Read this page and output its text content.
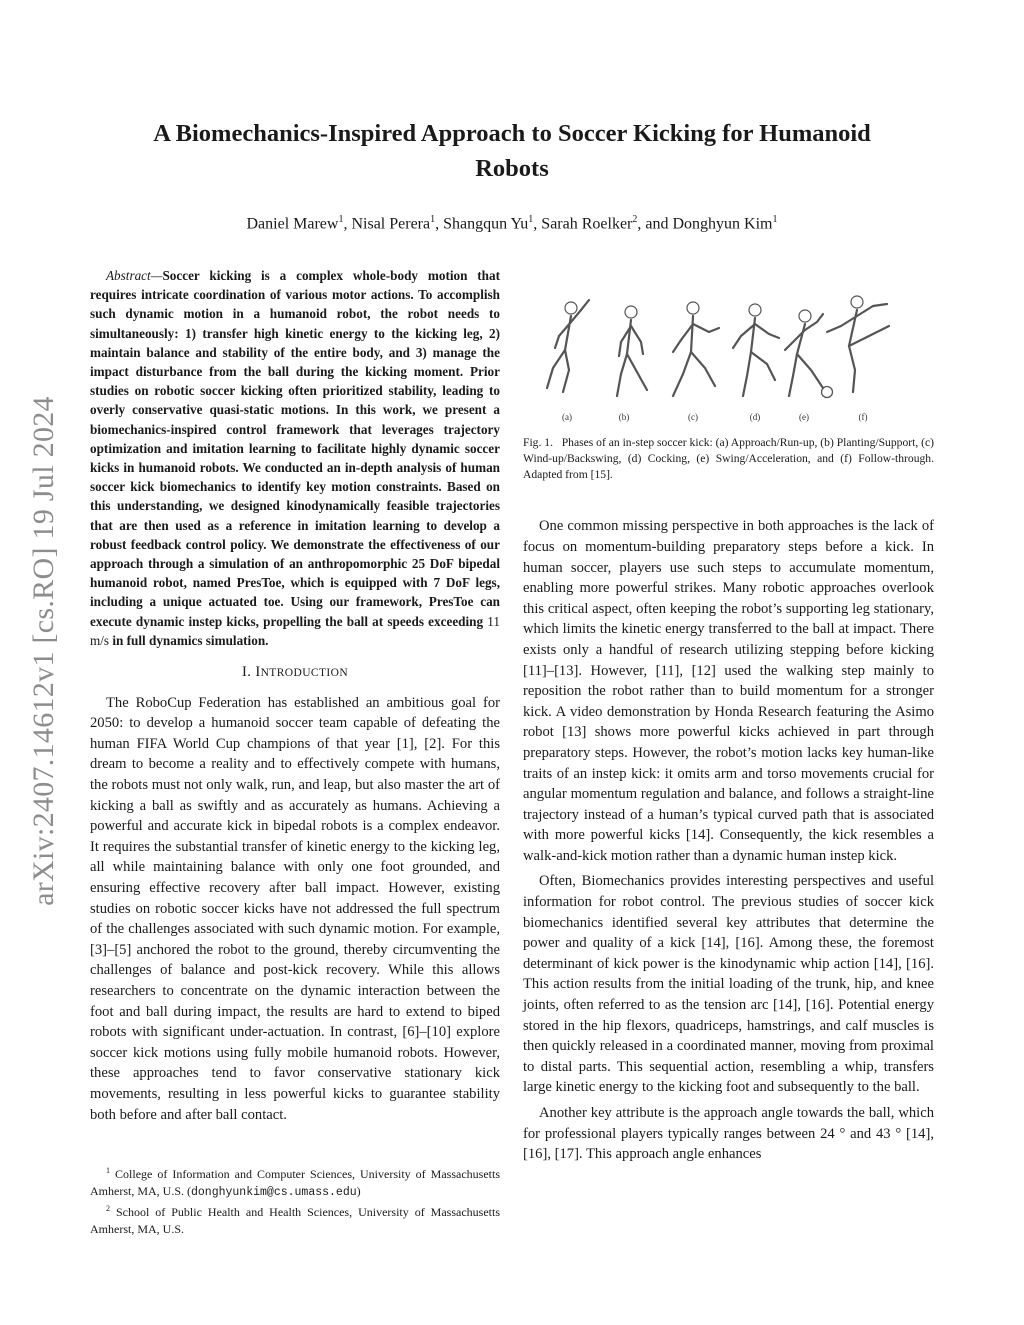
A Biomechanics-Inspired Approach to Soccer Kicking for Humanoid Robots
Daniel Marew$^1$, Nisal Perera$^1$, Shangqun Yu$^1$, Sarah Roelker$^2$, and Donghyun Kim$^1$
arXiv:2407.14612v1 [cs.RO] 19 Jul 2024

Abstract—Soccer kicking is a complex whole-body motion that requires intricate coordination of various motor actions. To accomplish such dynamic motion in a humanoid robot, the robot needs to simultaneously: 1) transfer high kinetic energy to the kicking leg, 2) maintain balance and stability of the entire body, and 3) manage the impact disturbance from the ball during the kicking moment. Prior studies on robotic soccer kicking often prioritized stability, leading to overly conservative quasi-static motions. In this work, we present a biomechanics-inspired control framework that leverages trajectory optimization and imitation learning to facilitate highly dynamic soccer kicks in humanoid robots. We conducted an in-depth analysis of human soccer kick biomechanics to identify key motion constraints. Based on this understanding, we designed kinodynamically feasible trajectories that are then used as a reference in imitation learning to develop a robust feedback control policy. We demonstrate the effectiveness of our approach through a simulation of an anthropomorphic 25 DoF bipedal humanoid robot, named PresToe, which is equipped with 7 DoF legs, including a unique actuated toe. Using our framework, PresToe can execute dynamic instep kicks, propelling the ball at speeds exceeding 11 m/s in full dynamics simulation.

I. INTRODUCTION

The RoboCup Federation has established an ambitious goal for 2050: to develop a humanoid soccer team capable of defeating the human FIFA World Cup champions of that year [1], [2]. For this dream to become a reality and to effectively compete with humans, the robots must not only walk, run, and leap, but also master the art of kicking a ball as swiftly and as accurately as humans. Achieving a powerful and accurate kick in bipedal robots is a complex endeavor. It requires the substantial transfer of kinetic energy to the kicking leg, all while maintaining balance with only one foot grounded, and ensuring effective recovery after ball impact. However, existing studies on robotic soccer kicks have not addressed the full spectrum of the challenges associated with such dynamic motion. For example, [3]–[5] anchored the robot to the ground, thereby circumventing the challenges of balance and post-kick recovery. While this allows researchers to concentrate on the dynamic interaction between the foot and ball during impact, the results are hard to extend to biped robots with significant under-actuation. In contrast, [6]–[10] explore soccer kick motions using fully mobile humanoid robots. However, these approaches tend to favor conservative stationary kick movements, resulting in less powerful kicks to guarantee stability both before and after ball contact.

$^1$ College of Information and Computer Sciences, University of Massachusetts Amherst, MA, U.S. (donghyunkim@cs.umass.edu)
$^2$ School of Public Health and Health Sciences, University of Massachusetts Amherst, MA, U.S.
(a)	(b)	(c)	(d)	(e)	(f)
Fig. 1. Phases of an in-step soccer kick: (a) Approach/Run-up, (b) Planting/Support, (c) Wind-up/Backswing, (d) Cocking, (e) Swing/Acceleration, and (f) Follow-through. Adapted from [15].

One common missing perspective in both approaches is the lack of focus on momentum-building preparatory steps before a kick. In human soccer, players use such steps to accumulate momentum, enabling more powerful strikes. Many robotic approaches overlook this critical aspect, often keeping the robot’s supporting leg stationary, which limits the kinetic energy transferred to the ball at impact. There exists only a handful of research utilizing stepping before kicking [11]–[13]. However, [11], [12] used the walking step mainly to reposition the robot rather than to build momentum for a stronger kick. A video demonstration by Honda Research featuring the Asimo robot [13] shows more powerful kicks achieved in part through preparatory steps. However, the robot’s motion lacks key human-like traits of an instep kick: it omits arm and torso movements crucial for angular momentum regulation and balance, and follows a straight-line trajectory instead of a human’s typical curved path that is associated with more powerful kicks [14]. Consequently, the kick resembles a walk-and-kick motion rather than a dynamic human instep kick.

Often, Biomechanics provides interesting perspectives and useful information for robot control. The previous studies of soccer kick biomechanics identified several key attributes that determine the power and quality of a kick [14], [16]. Among these, the foremost determinant of kick power is the kinodynamic whip action [14], [16]. This action results from the initial loading of the trunk, hip, and knee joints, often referred to as the tension arc [14], [16]. Potential energy stored in the hip flexors, quadriceps, hamstrings, and calf muscles is then quickly released in a coordinated manner, moving from proximal to distal parts. This sequential action, resembling a whip, transfers large kinetic energy to the kicking foot and subsequently to the ball.

Another key attribute is the approach angle towards the ball, which for professional players typically ranges between 24 ° and 43 ° [14], [16], [17]. This approach angle enhances
